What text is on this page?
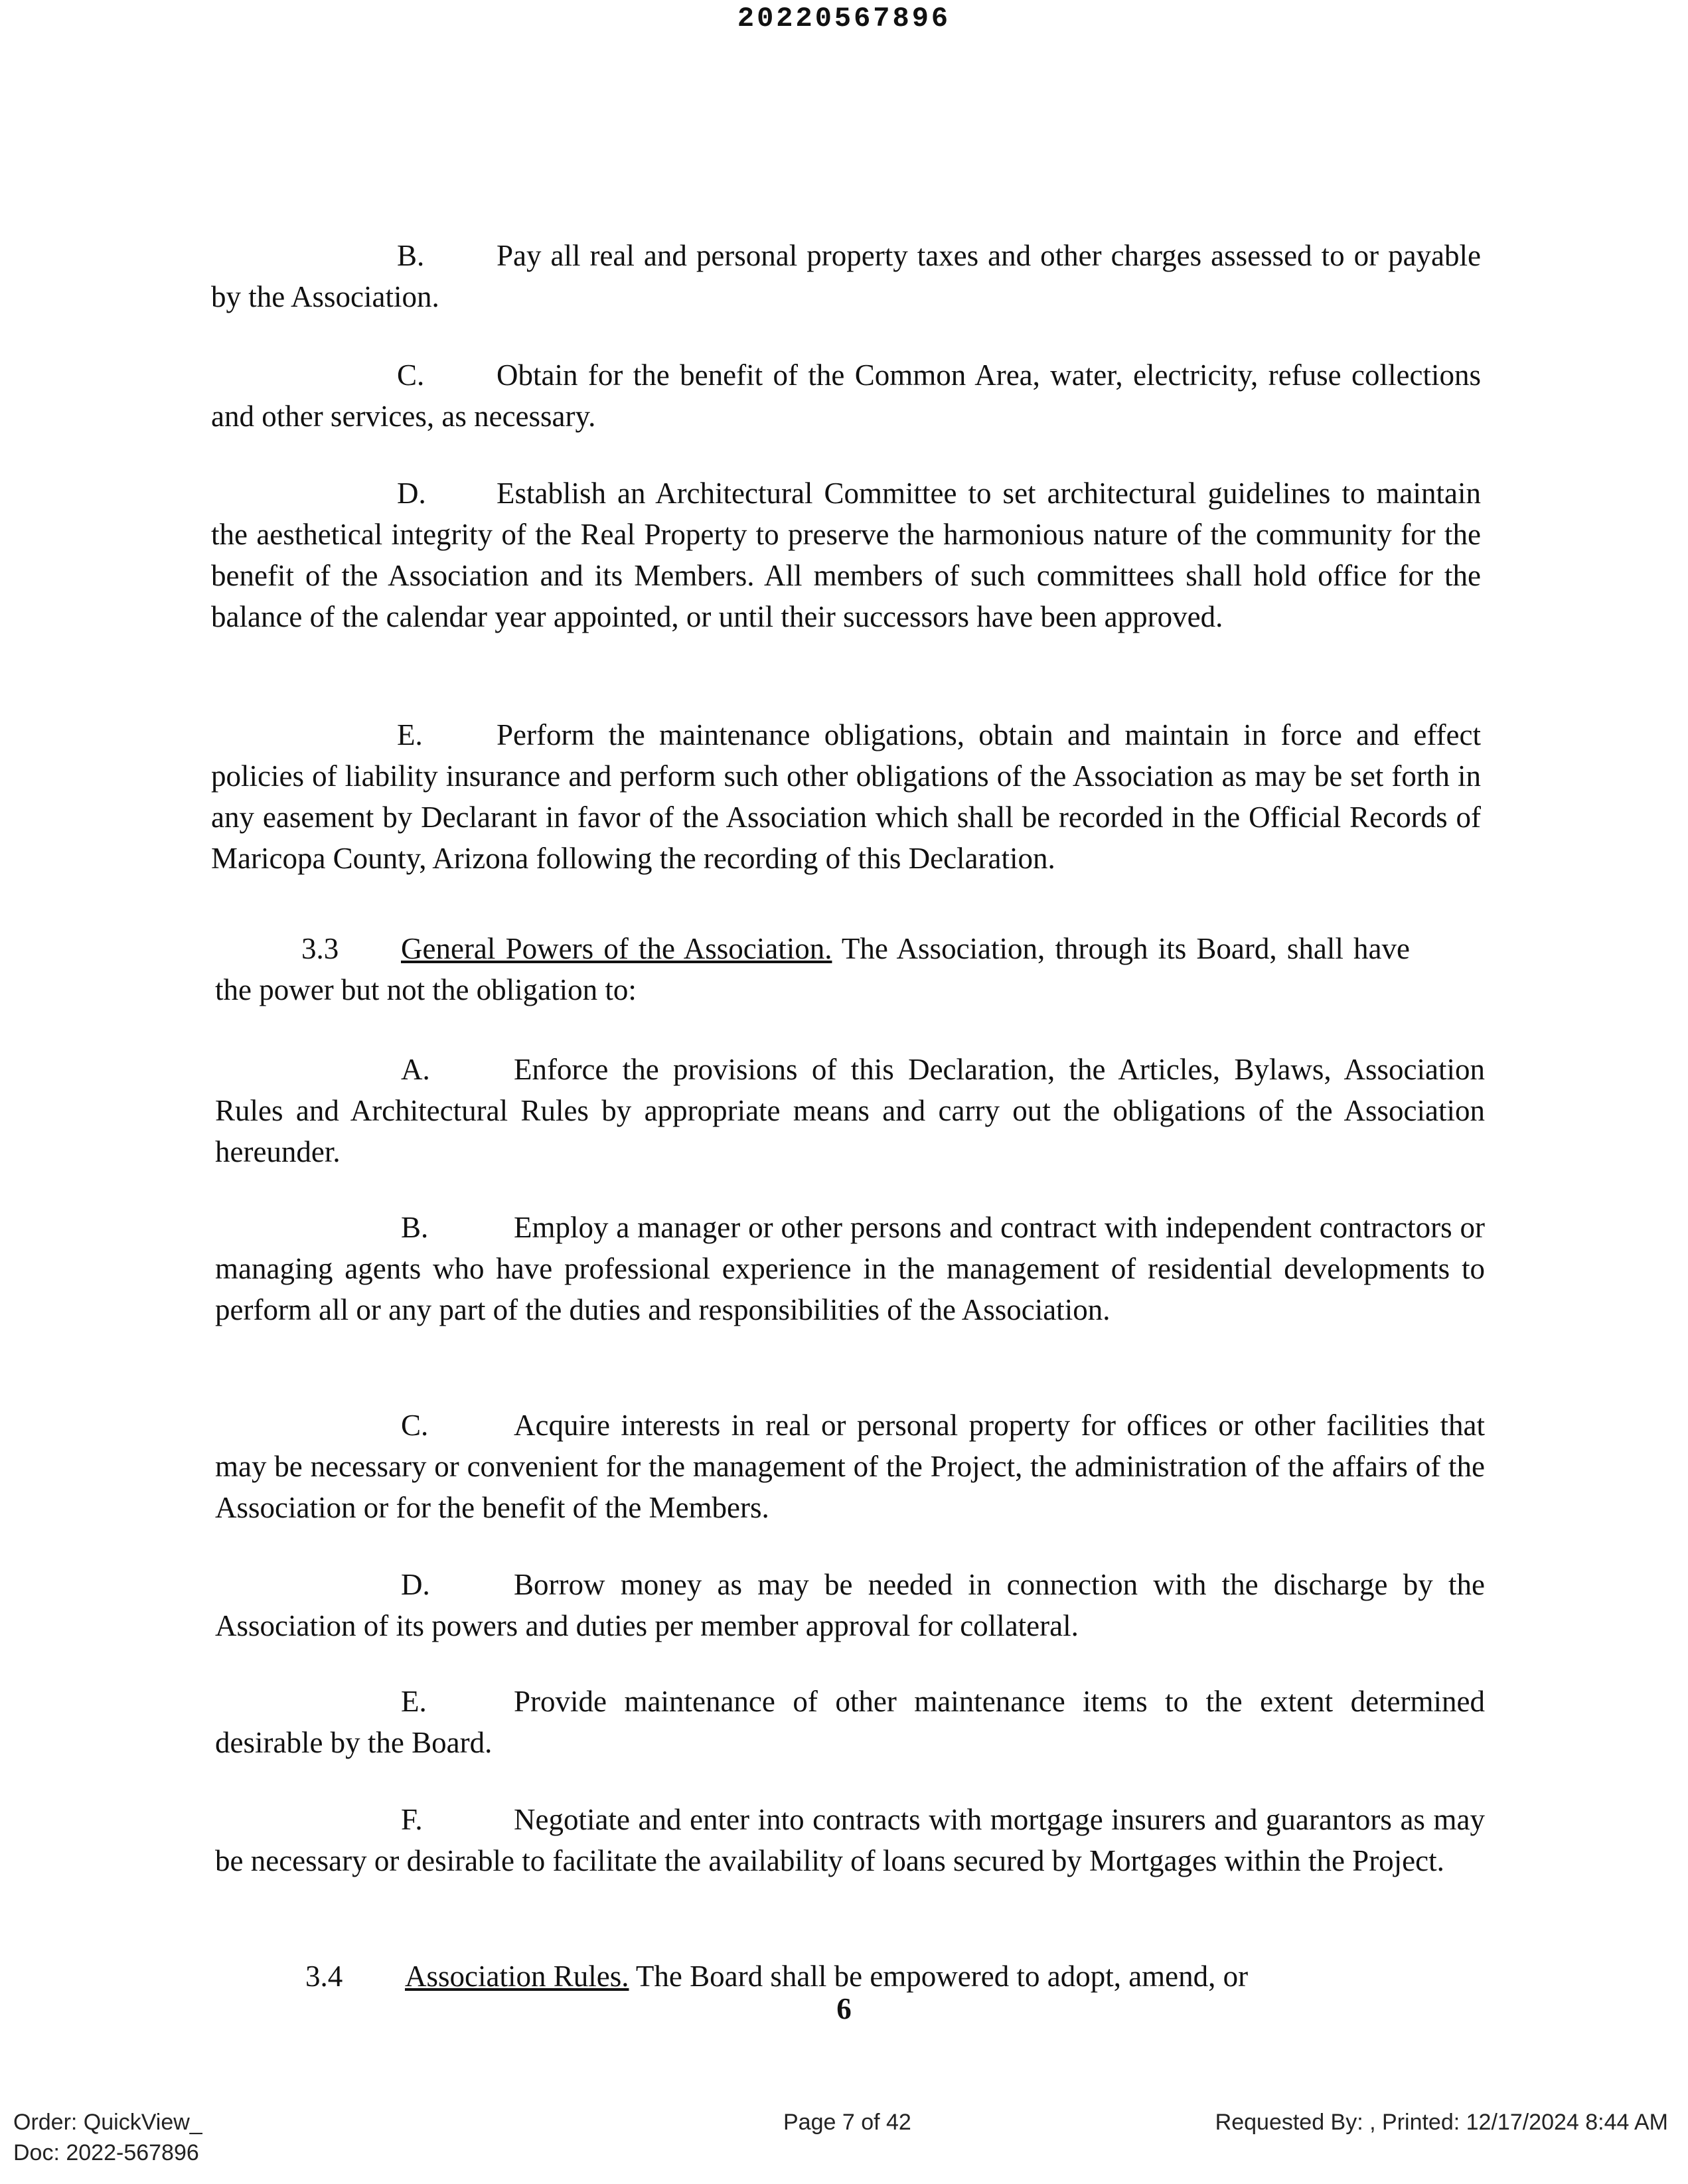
20220567896

B. Pay all real and personal property taxes and other charges assessed to or payable by the Association.

C. Obtain for the benefit of the Common Area, water, electricity, refuse collections and other services, as necessary.

D. Establish an Architectural Committee to set architectural guidelines to maintain the aesthetical integrity of the Real Property to preserve the harmonious nature of the community for the benefit of the Association and its Members. All members of such committees shall hold office for the balance of the calendar year appointed, or until their successors have been approved.

E. Perform the maintenance obligations, obtain and maintain in force and effect policies of liability insurance and perform such other obligations of the Association as may be set forth in any easement by Declarant in favor of the Association which shall be recorded in the Official Records of Maricopa County, Arizona following the recording of this Declaration.

3.3 General Powers of the Association. The Association, through its Board, shall have the power but not the obligation to:

A.	Enforce the provisions of this Declaration, the Articles, Bylaws, Association Rules and Architectural Rules by appropriate means and carry out the obligations of the Association hereunder.

B.	Employ a manager or other persons and contract with independent contractors or managing agents who have professional experience in the management of residential developments to perform all or any part of the duties and responsibilities of the Association.

C.	Acquire interests in real or personal property for offices or other facilities that may be necessary or convenient for the management of the Project, the administration of the affairs of the Association or for the benefit of the Members.

D.	Borrow money as may be needed in connection with the discharge by the Association of its powers and duties per member approval for collateral.

E.	Provide maintenance of other maintenance items to the extent determined desirable by the Board.

F.	Negotiate and enter into contracts with mortgage insurers and guarantors as may be necessary or desirable to facilitate the availability of loans secured by Mortgages within the Project.

3.4 Association Rules. The Board shall be empowered to adopt, amend, or

6
Order: QuickView_
Doc: 2022-567896
Page 7 of 42	Requested By: , Printed: 12/17/2024 8:44 AM
